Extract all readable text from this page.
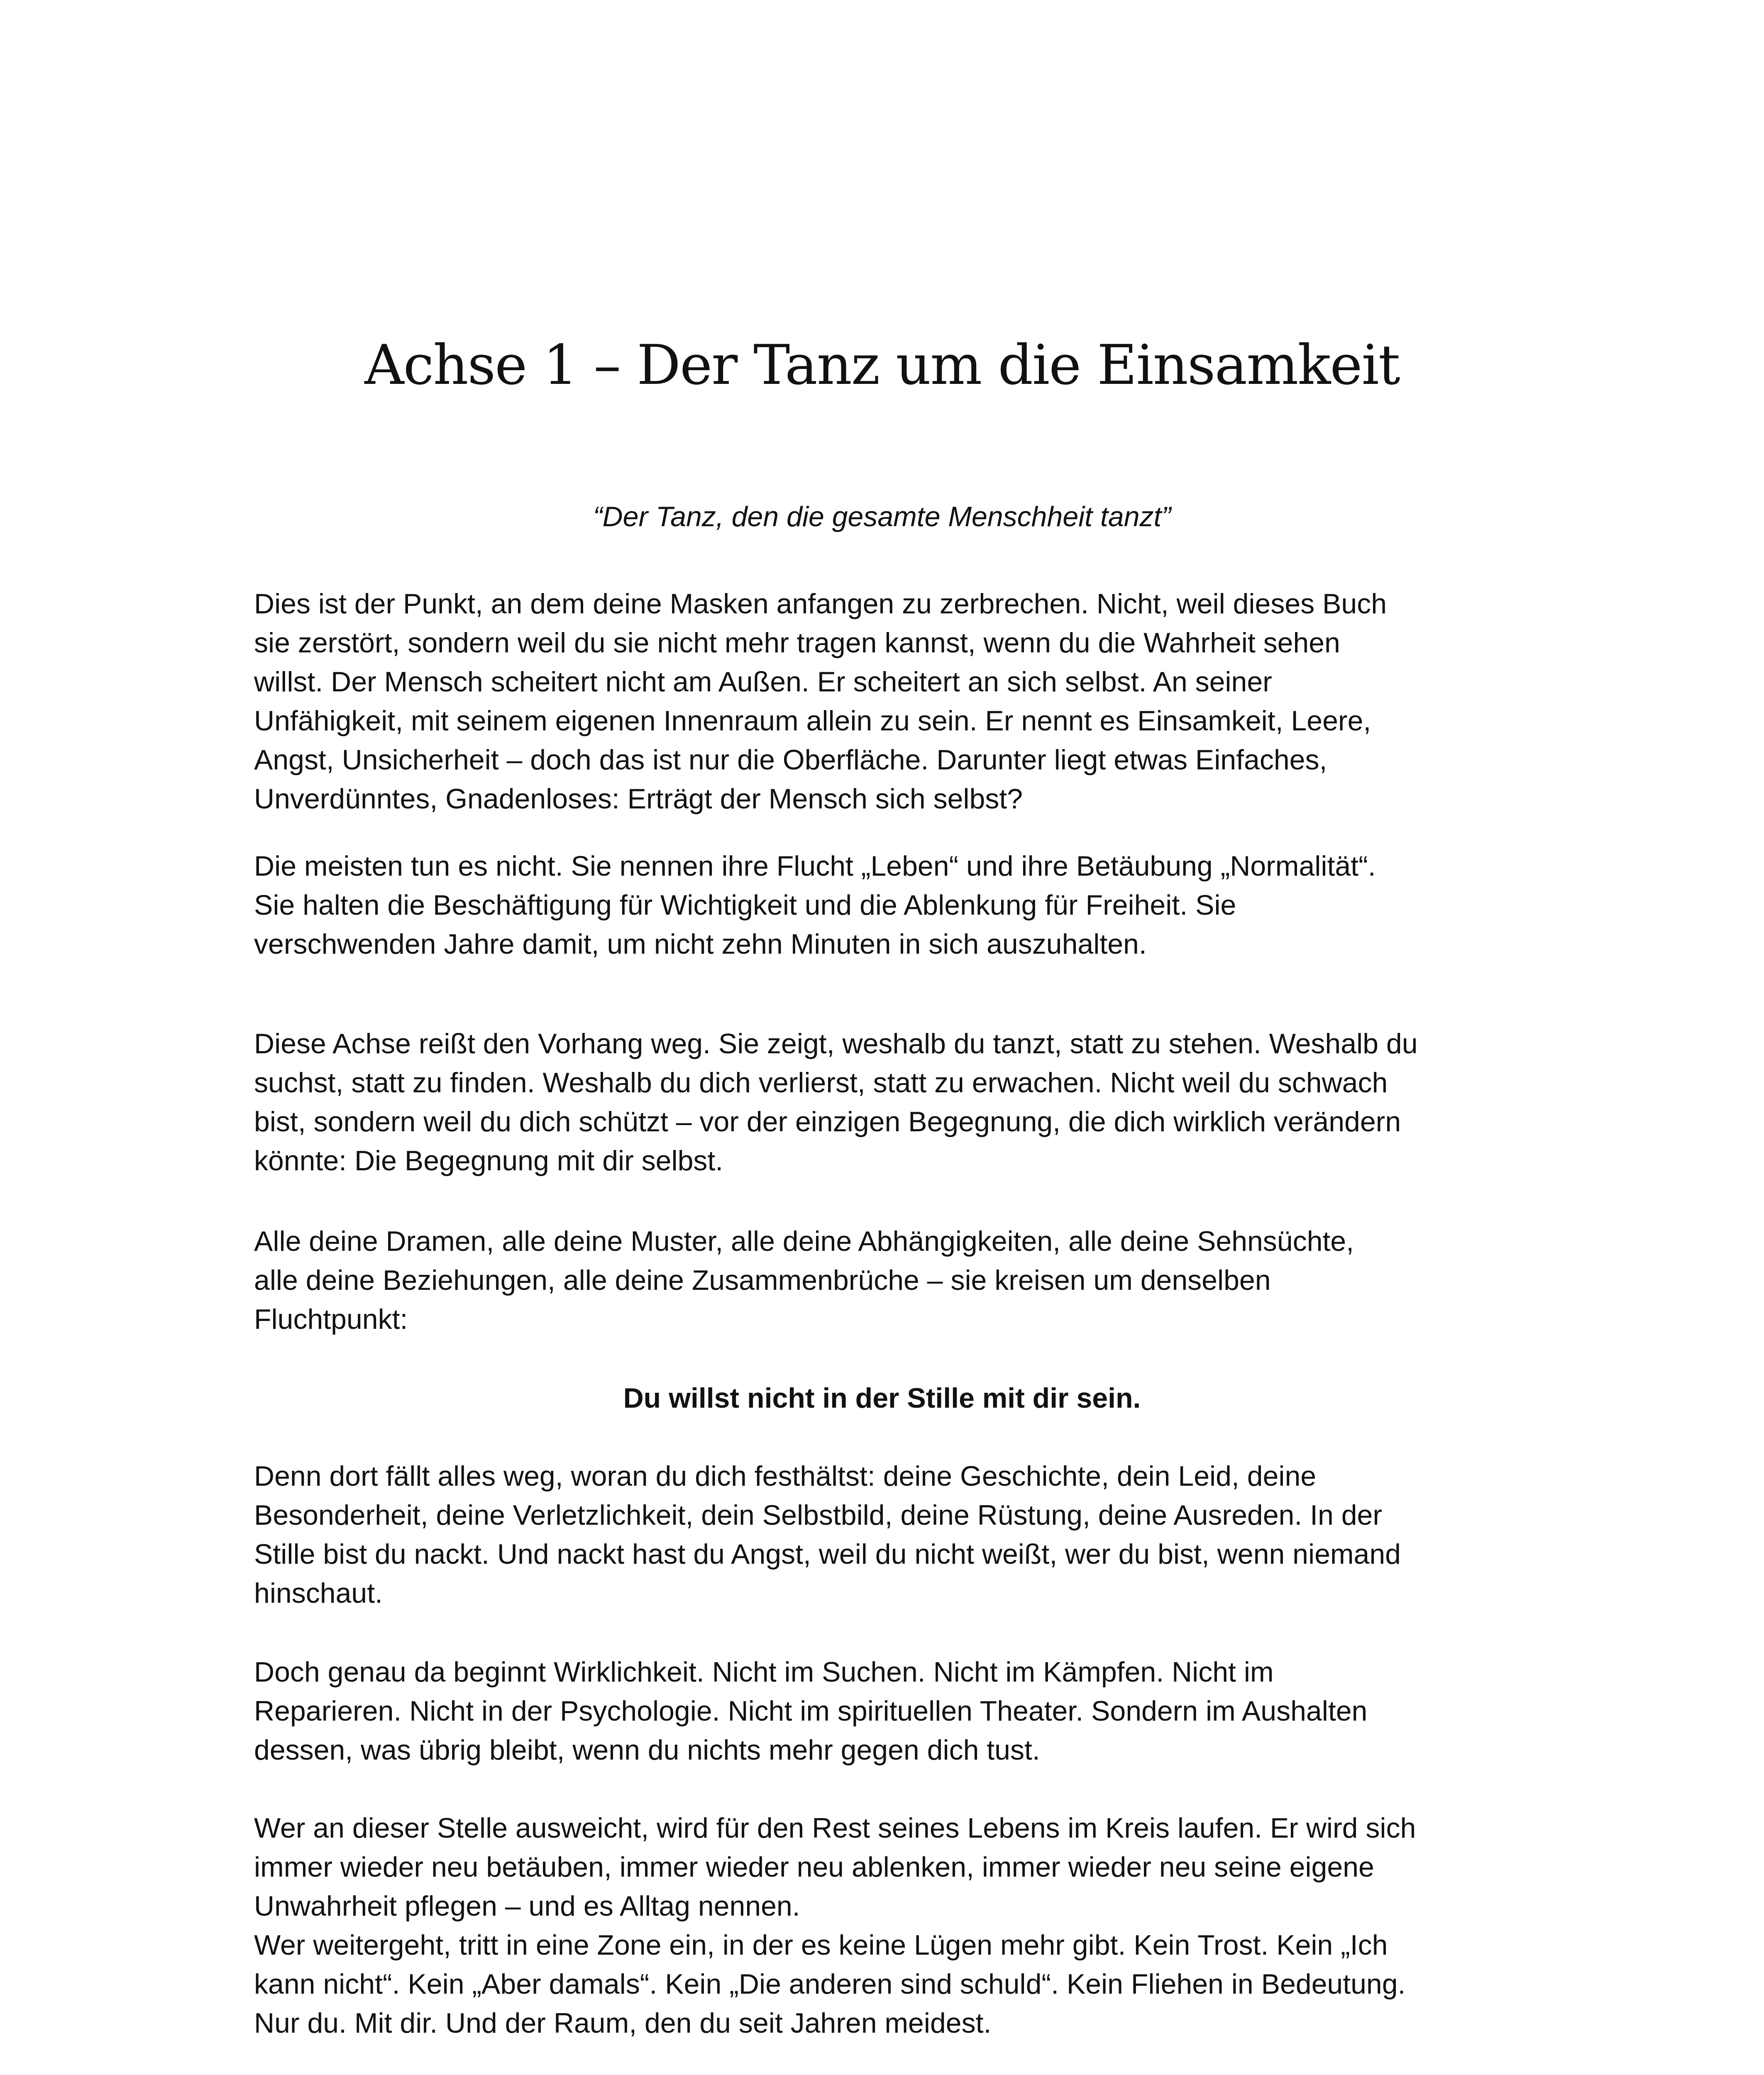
Achse 1 – Der Tanz um die Einsamkeit

“Der Tanz, den die gesamte Menschheit tanzt”

Dies ist der Punkt, an dem deine Masken anfangen zu zerbrechen. Nicht, weil dieses Buch
sie zerstört, sondern weil du sie nicht mehr tragen kannst, wenn du die Wahrheit sehen
willst. Der Mensch scheitert nicht am Außen. Er scheitert an sich selbst. An seiner
Unfähigkeit, mit seinem eigenen Innenraum allein zu sein. Er nennt es Einsamkeit, Leere,
Angst, Unsicherheit – doch das ist nur die Oberfläche. Darunter liegt etwas Einfaches,
Unverdünntes, Gnadenloses: Erträgt der Mensch sich selbst?
Die meisten tun es nicht. Sie nennen ihre Flucht „Leben“ und ihre Betäubung „Normalität“.
Sie halten die Beschäftigung für Wichtigkeit und die Ablenkung für Freiheit. Sie
verschwenden Jahre damit, um nicht zehn Minuten in sich auszuhalten.
Diese Achse reißt den Vorhang weg. Sie zeigt, weshalb du tanzt, statt zu stehen. Weshalb du
suchst, statt zu finden. Weshalb du dich verlierst, statt zu erwachen. Nicht weil du schwach
bist, sondern weil du dich schützt – vor der einzigen Begegnung, die dich wirklich verändern
könnte: Die Begegnung mit dir selbst.
Alle deine Dramen, alle deine Muster, alle deine Abhängigkeiten, alle deine Sehnsüchte,
alle deine Beziehungen, alle deine Zusammenbrüche – sie kreisen um denselben
Fluchtpunkt:

Du willst nicht in der Stille mit dir sein.

Denn dort fällt alles weg, woran du dich festhältst: deine Geschichte, dein Leid, deine
Besonderheit, deine Verletzlichkeit, dein Selbstbild, deine Rüstung, deine Ausreden. In der
Stille bist du nackt. Und nackt hast du Angst, weil du nicht weißt, wer du bist, wenn niemand
hinschaut.
Doch genau da beginnt Wirklichkeit. Nicht im Suchen. Nicht im Kämpfen. Nicht im
Reparieren. Nicht in der Psychologie. Nicht im spirituellen Theater. Sondern im Aushalten
dessen, was übrig bleibt, wenn du nichts mehr gegen dich tust.
Wer an dieser Stelle ausweicht, wird für den Rest seines Lebens im Kreis laufen. Er wird sich
immer wieder neu betäuben, immer wieder neu ablenken, immer wieder neu seine eigene
Unwahrheit pflegen – und es Alltag nennen.
Wer weitergeht, tritt in eine Zone ein, in der es keine Lügen mehr gibt. Kein Trost. Kein „Ich
kann nicht“. Kein „Aber damals“. Kein „Die anderen sind schuld“. Kein Fliehen in Bedeutung.
Nur du. Mit dir. Und der Raum, den du seit Jahren meidest.
